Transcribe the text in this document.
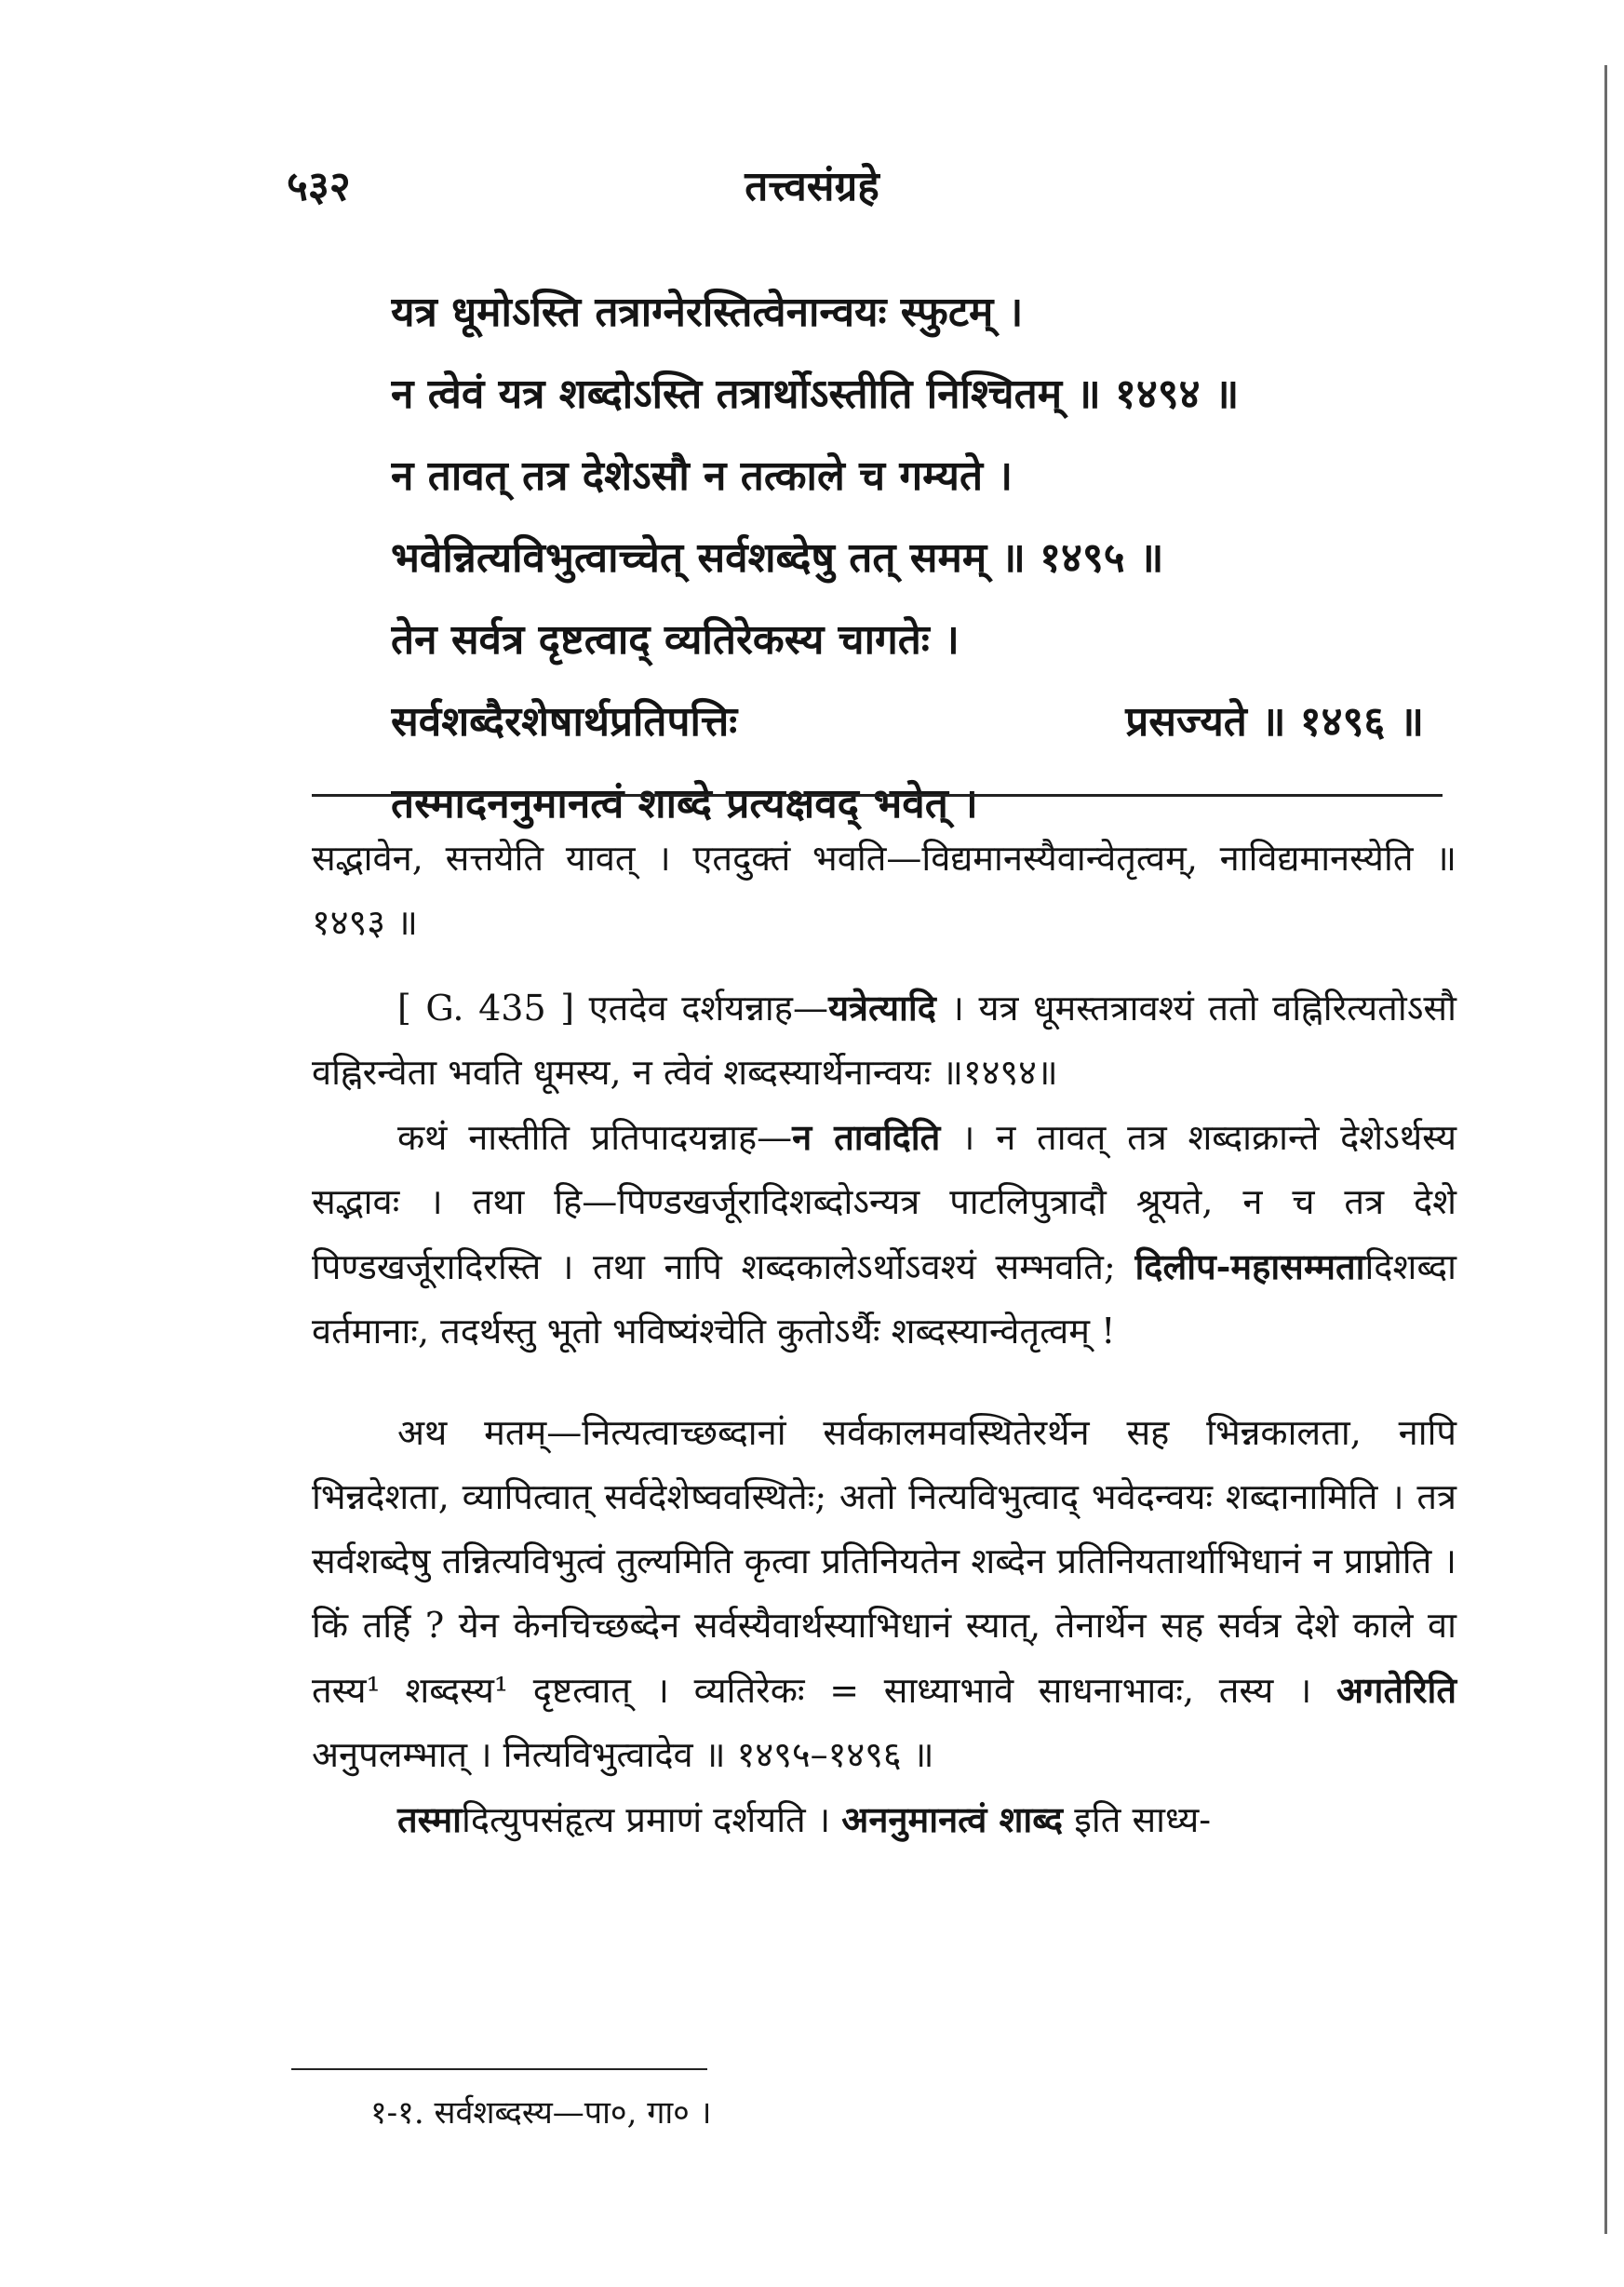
५३२	तत्त्वसंग्रहे
यत्र धूमोऽस्ति तत्राग्नेरस्तित्वेनान्वयः स्फुटम् ।
न त्वेवं यत्र शब्दोऽस्ति तत्रार्थोऽस्तीति निश्चितम् ॥ १४९४ ॥
न तावत् तत्र देशेऽसौ न तत्काले च गम्यते ।
भवेन्नित्यविभुत्वाच्चेत् सर्वशब्देषु तत् समम् ॥ १४९५ ॥
तेन सर्वत्र दृष्टत्वाद् व्यतिरेकस्य चागतेः ।
सर्वशब्दैरशेषार्थप्रतिपत्तिः	प्रसज्यते ॥ १४९६ ॥
तस्मादननुमानत्वं शाब्दे प्रत्यक्षवद् भवेत् ।

सद्भावेन, सत्तयेति यावत् । एतदुक्तं भवति—विद्यमानस्यैवान्वेतृत्वम्, नाविद्यमानस्येति ॥ १४९३ ॥

[ G. 435 ] एतदेव दर्शयन्नाह—यत्रेत्यादि । यत्र धूमस्तत्रावश्यं ततो वह्निरित्यतोऽसौ वह्निरन्वेता भवति धूमस्य, न त्वेवं शब्दस्यार्थेनान्वयः ॥१४९४॥

कथं नास्तीति प्रतिपादयन्नाह—न तावदिति । न तावत् तत्र शब्दाक्रान्ते देशेऽर्थस्य सद्भावः । तथा हि—पिण्डखर्जूरादिशब्दोऽन्यत्र पाटलिपुत्रादौ श्रूयते, न च तत्र देशे पिण्डखर्जूरादिरस्ति । तथा नापि शब्दकालेऽर्थोऽवश्यं सम्भवति; दिलीप-महासम्मतादिशब्दा वर्तमानाः, तदर्थस्तु भूतो भविष्यंश्चेति कुतोऽर्थैः शब्दस्यान्वेतृत्वम् !

अथ मतम्—नित्यत्वाच्छब्दानां सर्वकालमवस्थितेरर्थेन सह भिन्नकालता, नापि भिन्नदेशता, व्यापित्वात् सर्वदेशेष्ववस्थितेः; अतो नित्यविभुत्वाद् भवेदन्वयः शब्दानामिति । तत्र सर्वशब्देषु तन्नित्यविभुत्वं तुल्यमिति कृत्वा प्रतिनियतेन शब्देन प्रतिनियतार्थाभिधानं न प्राप्नोति । किं तर्हि ? येन केनचिच्छब्देन सर्वस्यैवार्थस्याभिधानं स्यात्, तेनार्थेन सह सर्वत्र देशे काले वा तस्य¹ शब्दस्य¹ दृष्टत्वात् । व्यतिरेकः = साध्याभावे साधनाभावः, तस्य । अगतेरिति अनुपलम्भात् । नित्यविभुत्वादेव ॥ १४९५–१४९६ ॥

तस्मादित्युपसंहृत्य प्रमाणं दर्शयति । अननुमानत्वं शाब्द इति साध्य-

१-१. सर्वशब्दस्य—पा०, गा० ।
